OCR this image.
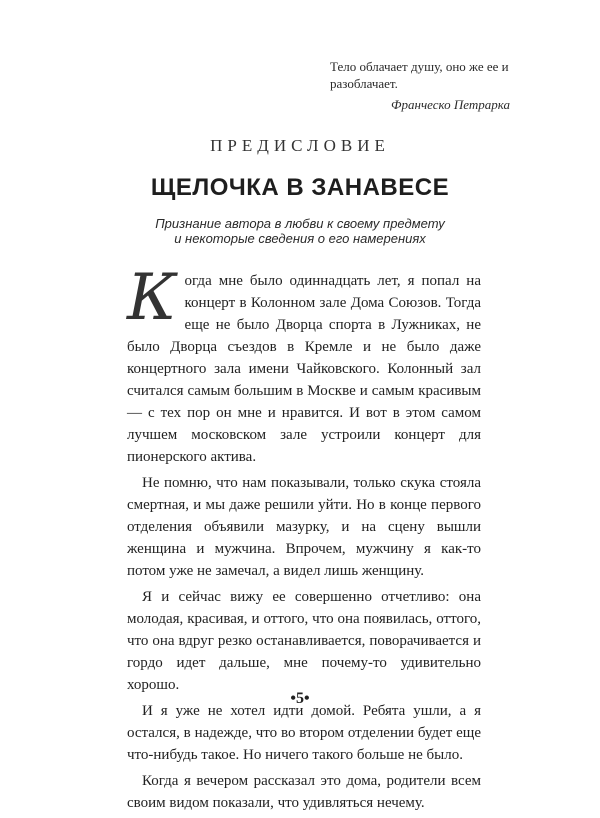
Тело облачает душу, оно же ее и разоблачает.

Франческо Петрарка

ПРЕДИСЛОВИЕ
ЩЕЛОЧКА В ЗАНАВЕСЕ
Признание автора в любви к своему предмету
и некоторые сведения о его намерениях

Когда мне было одиннадцать лет, я попал на концерт в Колонном зале Дома Союзов. Тогда еще не было Дворца спорта в Лужниках, не было Дворца съездов в Кремле и не было даже концертного зала имени Чайковского. Колонный зал считался самым большим в Москве и самым красивым — с тех пор он мне и нравится. И вот в этом самом лучшем московском зале устроили концерт для пионерского актива.

Не помню, что нам показывали, только скука стояла смертная, и мы даже решили уйти. Но в конце первого отделения объявили мазурку, и на сцену вышли женщина и мужчина. Впрочем, мужчину я как-то потом уже не замечал, а видел лишь женщину.

Я и сейчас вижу ее совершенно отчетливо: она молодая, красивая, и оттого, что она появилась, оттого, что она вдруг резко останавливается, поворачивается и гордо идет дальше, мне почему-то удивительно хорошо.

И я уже не хотел идти домой. Ребята ушли, а я остался, в надежде, что во втором отделении будет еще что-нибудь такое. Но ничего такого больше не было.

Когда я вечером рассказал это дома, родители всем своим видом показали, что удивляться нечему.

•5•
